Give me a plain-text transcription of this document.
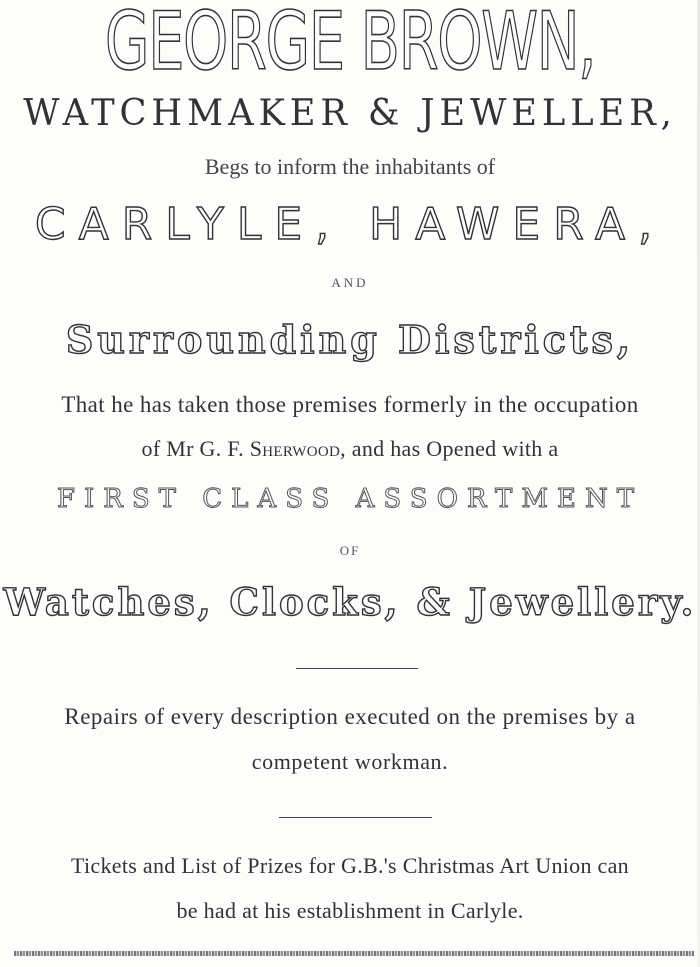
GEORGE BROWN,
WATCHMAKER & JEWELLER,
Begs to inform the inhabitants of
CARLYLE, HAWERA,
AND
Surrounding Districts,
That he has taken those premises formerly in the occupation
of Mr G. F. Sherwood, and has Opened with a
FIRST CLASS ASSORTMENT
OF
Watches, Clocks, & Jewellery.
Repairs of every description executed on the premises by a
competent workman.
Tickets and List of Prizes for G.B.'s Christmas Art Union can
be had at his establishment in Carlyle.
